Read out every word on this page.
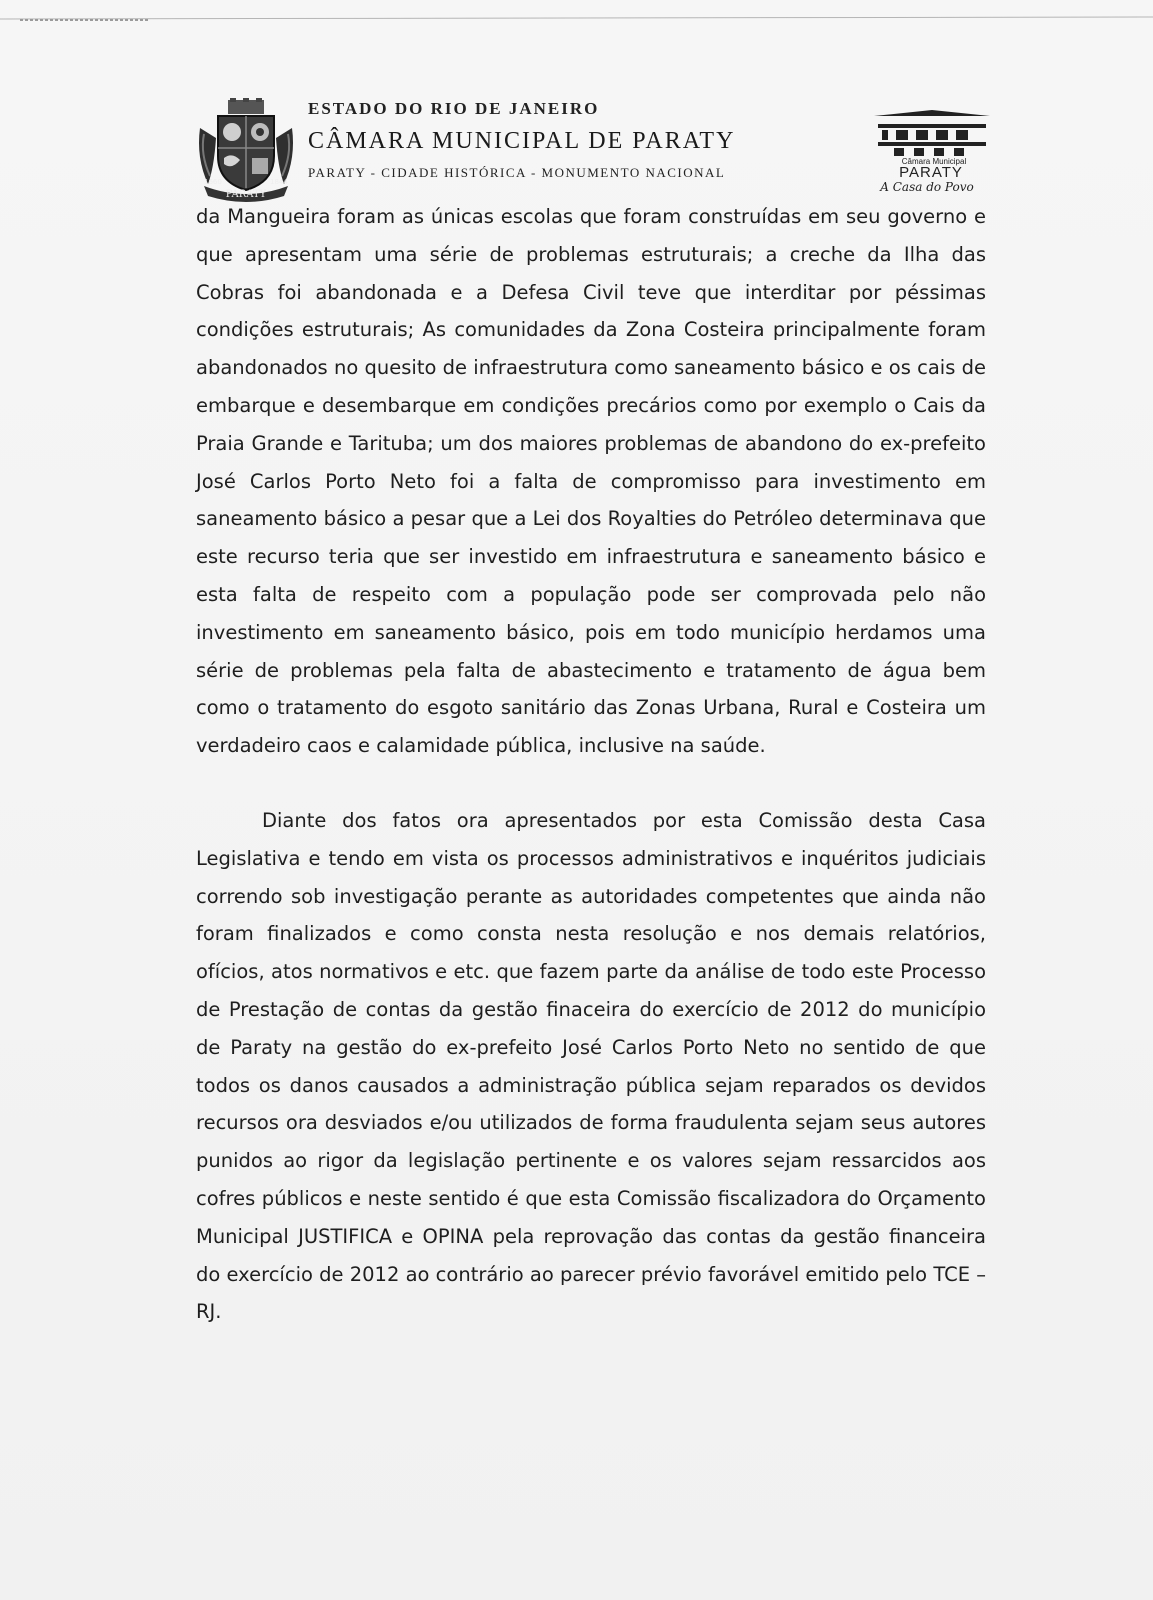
PARATY
1660	1844

ESTADO DO RIO DE JANEIRO

CÂMARA MUNICIPAL DE PARATY

PARATY - CIDADE HISTÓRICA - MONUMENTO NACIONAL

Câmara Municipal
PARATY
A Casa do Povo

da Mangueira foram as únicas escolas que foram construídas em seu governo e que apresentam uma série de problemas estruturais; a creche da Ilha das Cobras foi abandonada e a Defesa Civil teve que interditar por péssimas condições estruturais; As comunidades da Zona Costeira principalmente foram abandonados no quesito de infraestrutura como saneamento básico e os cais de embarque e desembarque em condições precários como por exemplo o Cais da Praia Grande e Tarituba; um dos maiores problemas de abandono do ex-prefeito José Carlos Porto Neto foi a falta de compromisso para investimento em saneamento básico a pesar que a Lei dos Royalties do Petróleo determinava que este recurso teria que ser investido em infraestrutura e saneamento básico e esta falta de respeito com a população pode ser comprovada pelo não investimento em saneamento básico, pois em todo município herdamos uma série de problemas pela falta de abastecimento e tratamento de água bem como o tratamento do esgoto sanitário das Zonas Urbana, Rural e Costeira um verdadeiro caos e calamidade pública, inclusive na saúde.

Diante dos fatos ora apresentados por esta Comissão desta Casa Legislativa e tendo em vista os processos administrativos e inquéritos judiciais correndo sob investigação perante as autoridades competentes que ainda não foram finalizados e como consta nesta resolução e nos demais relatórios, ofícios, atos normativos e etc. que fazem parte da análise de todo este Processo de Prestação de contas da gestão finaceira do exercício de 2012 do município de Paraty na gestão do ex-prefeito José Carlos Porto Neto no sentido de que todos os danos causados a administração pública sejam reparados os devidos recursos ora desviados e/ou utilizados de forma fraudulenta sejam seus autores punidos ao rigor da legislação pertinente e os valores sejam ressarcidos aos cofres públicos e neste sentido é que esta Comissão fiscalizadora do Orçamento Municipal JUSTIFICA e OPINA pela reprovação das contas da gestão financeira do exercício de 2012 ao contrário ao parecer prévio favorável emitido pelo TCE – RJ.
